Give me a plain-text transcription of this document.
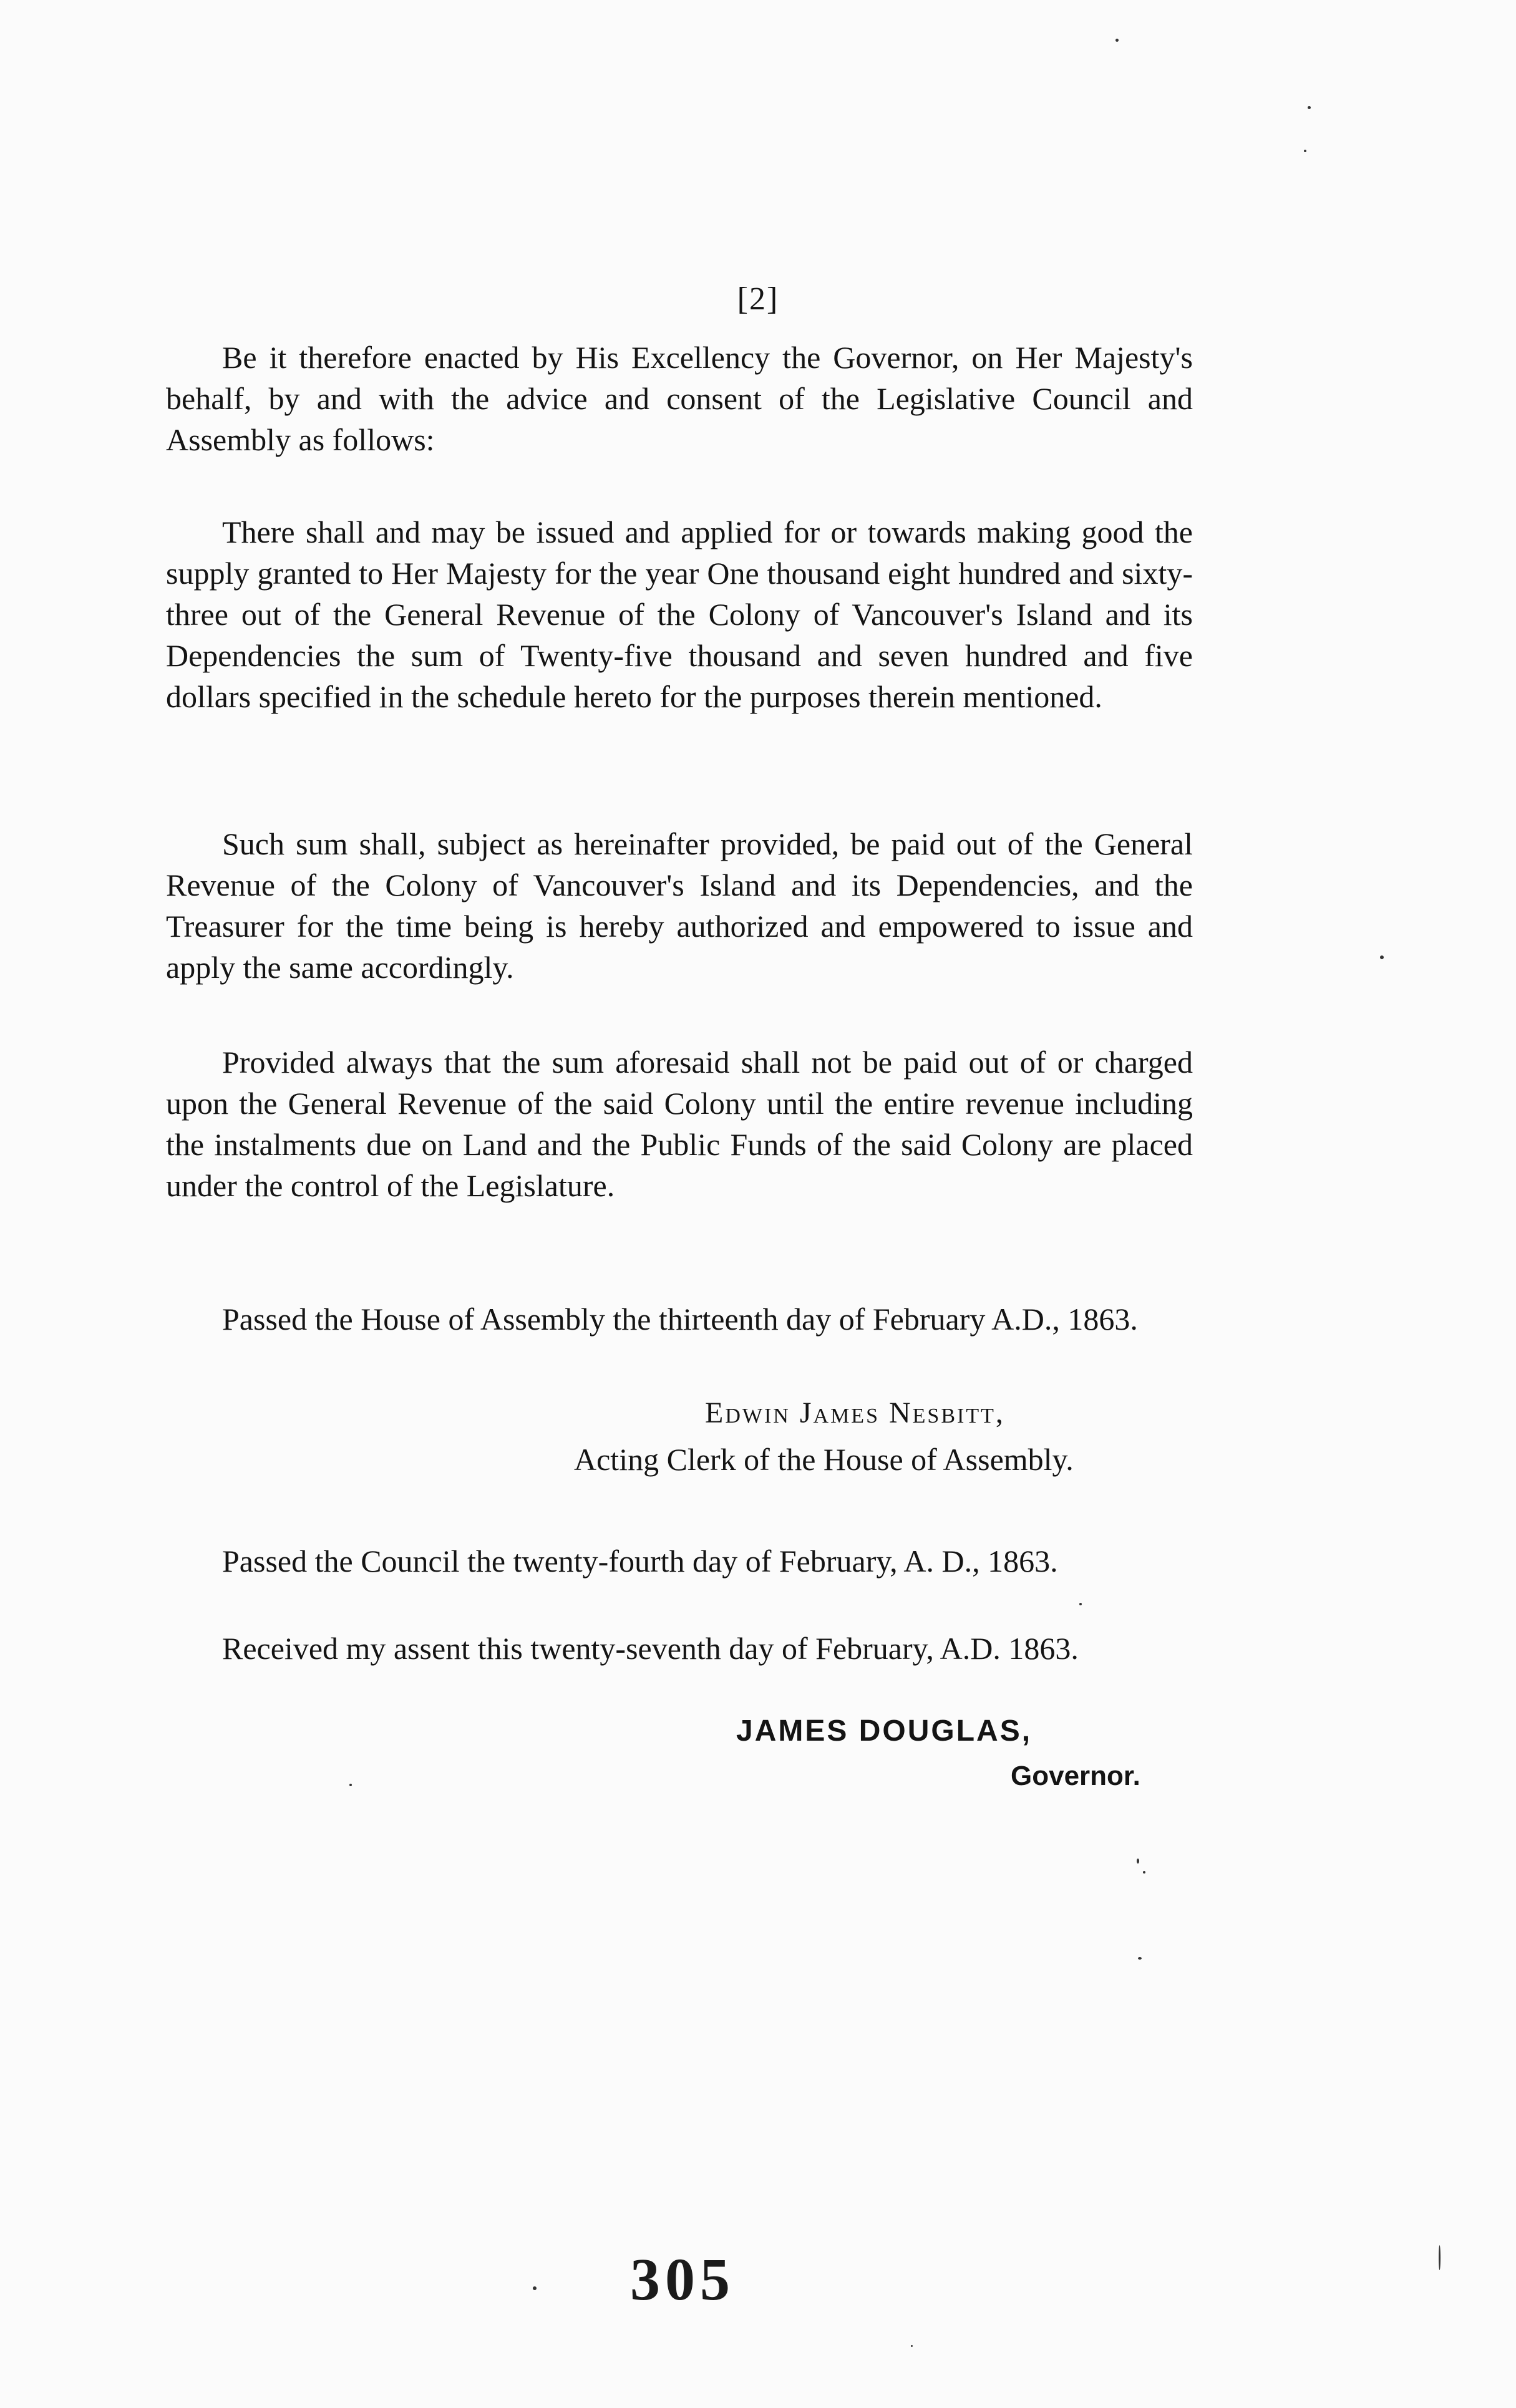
[2]

Be it therefore enacted by His Excellency the Governor, on Her Majesty's behalf, by and with the advice and consent of the Legislative Council and Assembly as follows:

There shall and may be issued and applied for or towards making good the supply granted to Her Majesty for the year One thousand eight hundred and sixty-three out of the General Revenue of the Colony of Vancouver's Island and its Dependencies the sum of Twenty-five thousand and seven hundred and five dollars specified in the schedule hereto for the purposes therein mentioned.

Such sum shall, subject as hereinafter provided, be paid out of the General Revenue of the Colony of Vancouver's Island and its Dependencies, and the Treasurer for the time being is hereby authorized and empowered to issue and apply the same accordingly.

Provided always that the sum aforesaid shall not be paid out of or charged upon the General Revenue of the said Colony until the entire revenue including the instalments due on Land and the Public Funds of the said Colony are placed under the control of the Legislature.

Passed the House of Assembly the thirteenth day of February A.D., 1863.

Edwin James Nesbitt,
Acting Clerk of the House of Assembly.

Passed the Council the twenty-fourth day of February, A. D., 1863.

Received my assent this twenty-seventh day of February, A.D. 1863.

JAMES DOUGLAS,
Governor.
305
